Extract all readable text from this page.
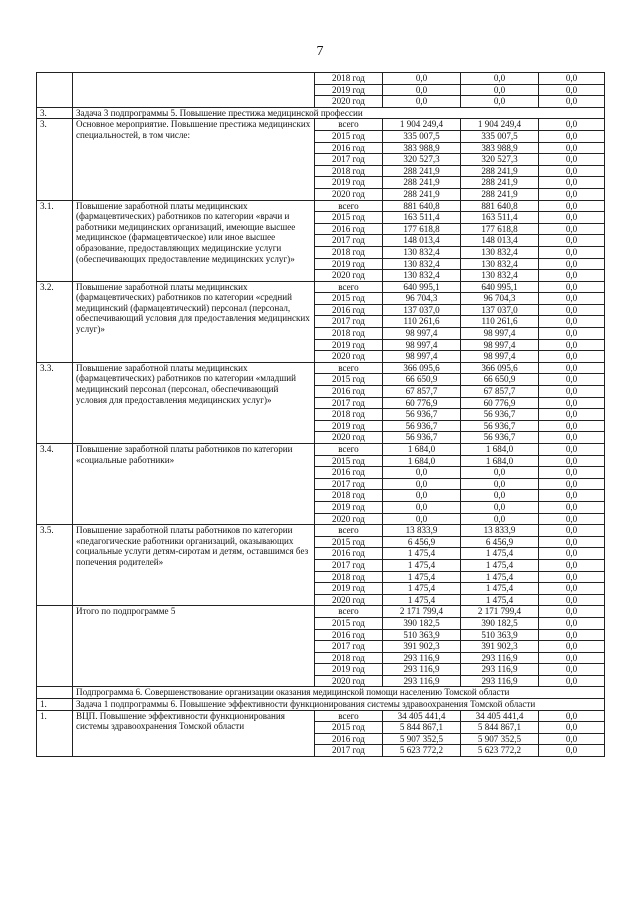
7
		2018 год	0,0	0,0	0,0
		2019 год	0,0	0,0	0,0
		2020 год	0,0	0,0	0,0
3.	Задача 3 подпрограммы 5. Повышение престижа медицинской профессии				
3.	Основное мероприятие. Повышение престижа медицинских специальностей, в том числе:	всего	1 904 249,4	1 904 249,4	0,0
		2015 год	335 007,5	335 007,5	0,0
		2016 год	383 988,9	383 988,9	0,0
		2017 год	320 527,3	320 527,3	0,0
		2018 год	288 241,9	288 241,9	0,0
		2019 год	288 241,9	288 241,9	0,0
		2020 год	288 241,9	288 241,9	0,0
3.1.	Повышение заработной платы медицинских (фармацевтических) работников по категории «врачи и работники медицинских организаций, имеющие высшее медицинское (фармацевтическое) или иное высшее образование, предоставляющих медицинские услуги (обеспечивающих предоставление медицинских услуг)»	всего	881 640,8	881 640,8	0,0
		2015 год	163 511,4	163 511,4	0,0
		2016 год	177 618,8	177 618,8	0,0
		2017 год	148 013,4	148 013,4	0,0
		2018 год	130 832,4	130 832,4	0,0
		2019 год	130 832,4	130 832,4	0,0
		2020 год	130 832,4	130 832,4	0,0
3.2.	Повышение заработной платы медицинских (фармацевтических) работников по категории «средний медицинский (фармацевтический) персонал (персонал, обеспечивающий условия для предоставления медицинских услуг)»	всего	640 995,1	640 995,1	0,0
		2015 год	96 704,3	96 704,3	0,0
		2016 год	137 037,0	137 037,0	0,0
		2017 год	110 261,6	110 261,6	0,0
		2018 год	98 997,4	98 997,4	0,0
		2019 год	98 997,4	98 997,4	0,0
		2020 год	98 997,4	98 997,4	0,0
3.3.	Повышение заработной платы медицинских (фармацевтических) работников по категории «младший медицинский персонал (персонал, обеспечивающий условия для предоставления медицинских услуг)»	всего	366 095,6	366 095,6	0,0
		2015 год	66 650,9	66 650,9	0,0
		2016 год	67 857,7	67 857,7	0,0
		2017 год	60 776,9	60 776,9	0,0
		2018 год	56 936,7	56 936,7	0,0
		2019 год	56 936,7	56 936,7	0,0
		2020 год	56 936,7	56 936,7	0,0
3.4.	Повышение заработной платы работников по категории «социальные работники»	всего	1 684,0	1 684,0	0,0
		2015 год	1 684,0	1 684,0	0,0
		2016 год	0,0	0,0	0,0
		2017 год	0,0	0,0	0,0
		2018 год	0,0	0,0	0,0
		2019 год	0,0	0,0	0,0
		2020 год	0,0	0,0	0,0
3.5.	Повышение заработной платы работников по категории «педагогические работники организаций, оказывающих социальные услуги детям-сиротам и детям, оставшимся без попечения родителей»	всего	13 833,9	13 833,9	0,0
		2015 год	6 456,9	6 456,9	0,0
		2016 год	1 475,4	1 475,4	0,0
		2017 год	1 475,4	1 475,4	0,0
		2018 год	1 475,4	1 475,4	0,0
		2019 год	1 475,4	1 475,4	0,0
		2020 год	1 475,4	1 475,4	0,0
	Итого по подпрограмме 5	всего	2 171 799,4	2 171 799,4	0,0
		2015 год	390 182,5	390 182,5	0,0
		2016 год	510 363,9	510 363,9	0,0
		2017 год	391 902,3	391 902,3	0,0
		2018 год	293 116,9	293 116,9	0,0
		2019 год	293 116,9	293 116,9	0,0
		2020 год	293 116,9	293 116,9	0,0
	Подпрограмма 6. Совершенствование организации оказания медицинской помощи населению Томской области				
1.	Задача 1 подпрограммы 6. Повышение эффективности функционирования системы здравоохранения Томской области				
1.	ВЦП. Повышение эффективности функционирования системы здравоохранения Томской области	всего	34 405 441,4	34 405 441,4	0,0
		2015 год	5 844 867,1	5 844 867,1	0,0
		2016 год	5 907 352,5	5 907 352,5	0,0
		2017 год	5 623 772,2	5 623 772,2	0,0
